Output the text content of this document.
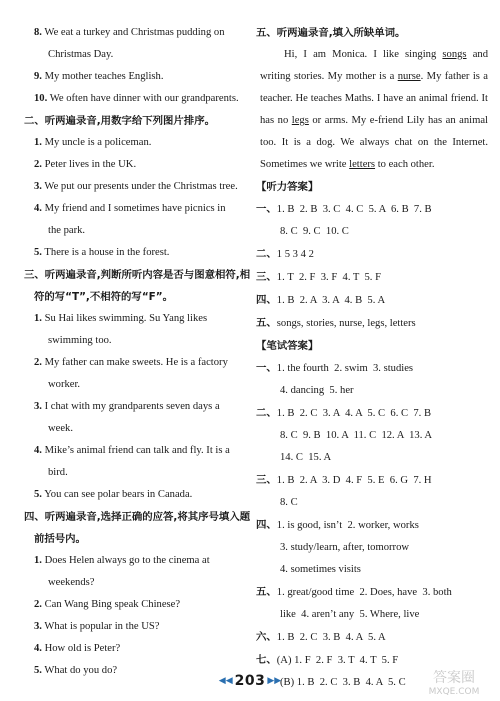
8. We eat a turkey and Christmas pudding on
Christmas Day.
9. My mother teaches English.
10. We often have dinner with our grandparents.
二、听两遍录音,用数字给下列图片排序。
1. My uncle is a policeman.
2. Peter lives in the UK.
3. We put our presents under the Christmas tree.
4. My friend and I sometimes have picnics in
the park.
5. There is a house in the forest.
三、听两遍录音,判断所听内容是否与图意相符,相
符的写“T”,不相符的写“F”。
1. Su Hai likes swimming. Su Yang likes
swimming too.
2. My father can make sweets. He is a factory
worker.
3. I chat with my grandparents seven days a
week.
4. Mike’s animal friend can talk and fly. It is a
bird.
5. You can see polar bears in Canada.
四、听两遍录音,选择正确的应答,将其序号填入题
前括号内。
1. Does Helen always go to the cinema at
weekends?
2. Can Wang Bing speak Chinese?
3. What is popular in the US?
4. How old is Peter?
5. What do you do?
五、听两遍录音,填入所缺单词。
Hi, I am Monica. I like singing songs and writing stories. My mother is a nurse. My father is a teacher. He teaches Maths. I have an animal friend. It has no legs or arms. My e-friend Lily has an animal too. It is a dog. We always chat on the Internet. Sometimes we write letters to each other.
【听力答案】
一、1. B  2. B  3. C  4. C  5. A  6. B  7. B
8. C  9. C  10. C
二、1 5 3 4 2
三、1. T  2. F  3. F  4. T  5. F
四、1. B  2. A  3. A  4. B  5. A
五、songs, stories, nurse, legs, letters
【笔试答案】
一、1. the fourth  2. swim  3. studies
4. dancing  5. her
二、1. B  2. C  3. A  4. A  5. C  6. C  7. B
8. C  9. B  10. A  11. C  12. A  13. A
14. C  15. A
三、1. B  2. A  3. D  4. F  5. E  6. G  7. H
8. C
四、1. is good, isn’t  2. worker, works
3. study/learn, after, tomorrow
4. sometimes visits
五、1. great/good time  2. Does, have  3. both
like  4. aren’t any  5. Where, live
六、1. B  2. C  3. B  4. A  5. A
七、(A) 1. F  2. F  3. T  4. T  5. F
(B) 1. B  2. C  3. B  4. A  5. C
◀◀ 203 ▶▶	答案圈
MXQE.COM
